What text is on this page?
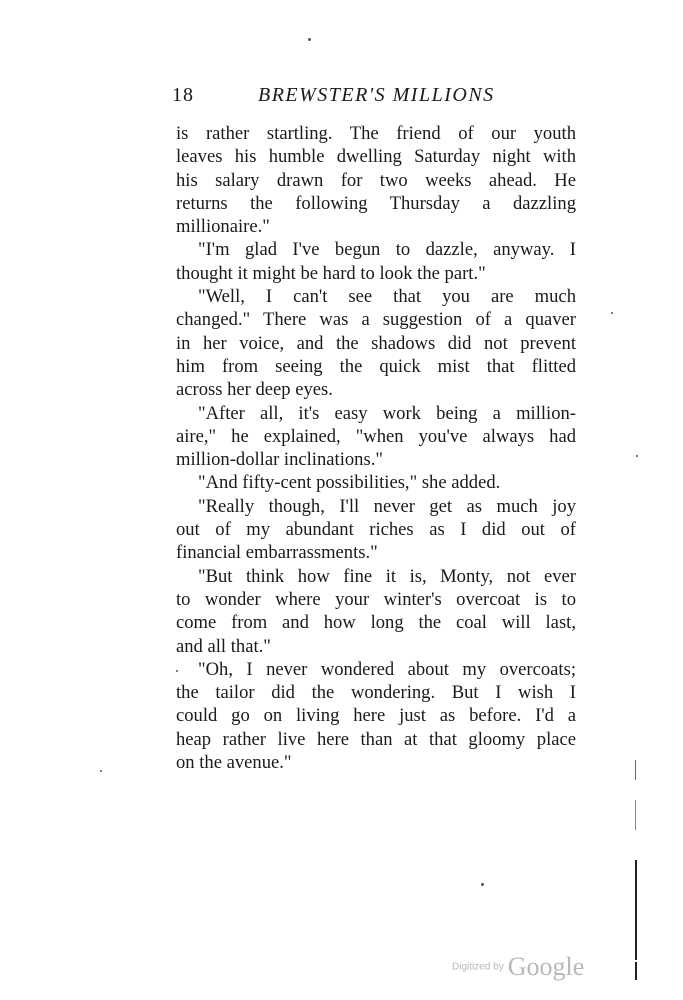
18	BREWSTER'S MILLIONS
is rather startling. The friend of our youth
leaves his humble dwelling Saturday night with
his salary drawn for two weeks ahead. He
returns the following Thursday a dazzling
millionaire."
"I'm glad I've begun to dazzle, anyway. I
thought it might be hard to look the part."
"Well, I can't see that you are much
changed." There was a suggestion of a quaver
in her voice, and the shadows did not prevent
him from seeing the quick mist that flitted
across her deep eyes.
"After all, it's easy work being a million-
aire," he explained, "when you've always had
million-dollar inclinations."
"And fifty-cent possibilities," she added.
"Really though, I'll never get as much joy
out of my abundant riches as I did out of
financial embarrassments."
"But think how fine it is, Monty, not ever
to wonder where your winter's overcoat is to
come from and how long the coal will last,
and all that."
"Oh, I never wondered about my overcoats;
the tailor did the wondering. But I wish I
could go on living here just as before. I'd a
heap rather live here than at that gloomy place
on the avenue."
Digitized by Google
